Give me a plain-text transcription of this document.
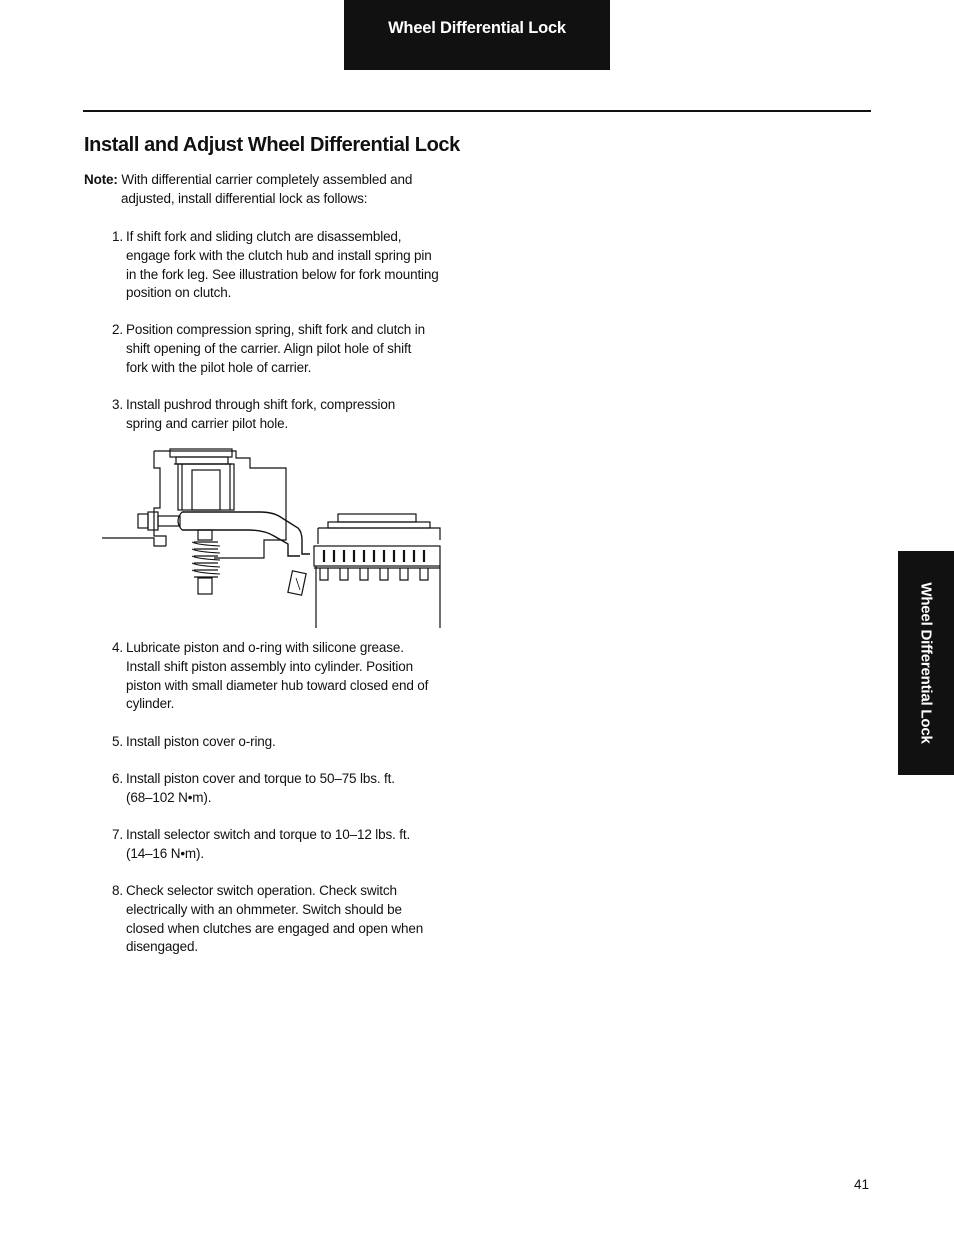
Wheel Differential Lock
Wheel Differential Lock
Install and Adjust Wheel Differential Lock
Note: With differential carrier completely assembled and
adjusted, install differential lock as follows:
1. If shift fork and sliding clutch are disassembled,
engage fork with the clutch hub and install spring pin
in the fork leg. See illustration below for fork mounting
position on clutch.
2. Position compression spring, shift fork and clutch in
shift opening of the carrier. Align pilot hole of shift
fork with the pilot hole of carrier.
3. Install pushrod through shift fork, compression
spring and carrier pilot hole.
4. Lubricate piston and o-ring with silicone grease.
Install shift piston assembly into cylinder. Position
piston with small diameter hub toward closed end of
cylinder.
5. Install piston cover o-ring.
6. Install piston cover and torque to 50–75 lbs. ft.
(68–102 N•m).
7. Install selector switch and torque to 10–12 lbs. ft.
(14–16 N•m).
8. Check selector switch operation. Check switch
electrically with an ohmmeter. Switch should be
closed when clutches are engaged and open when
disengaged.
41
